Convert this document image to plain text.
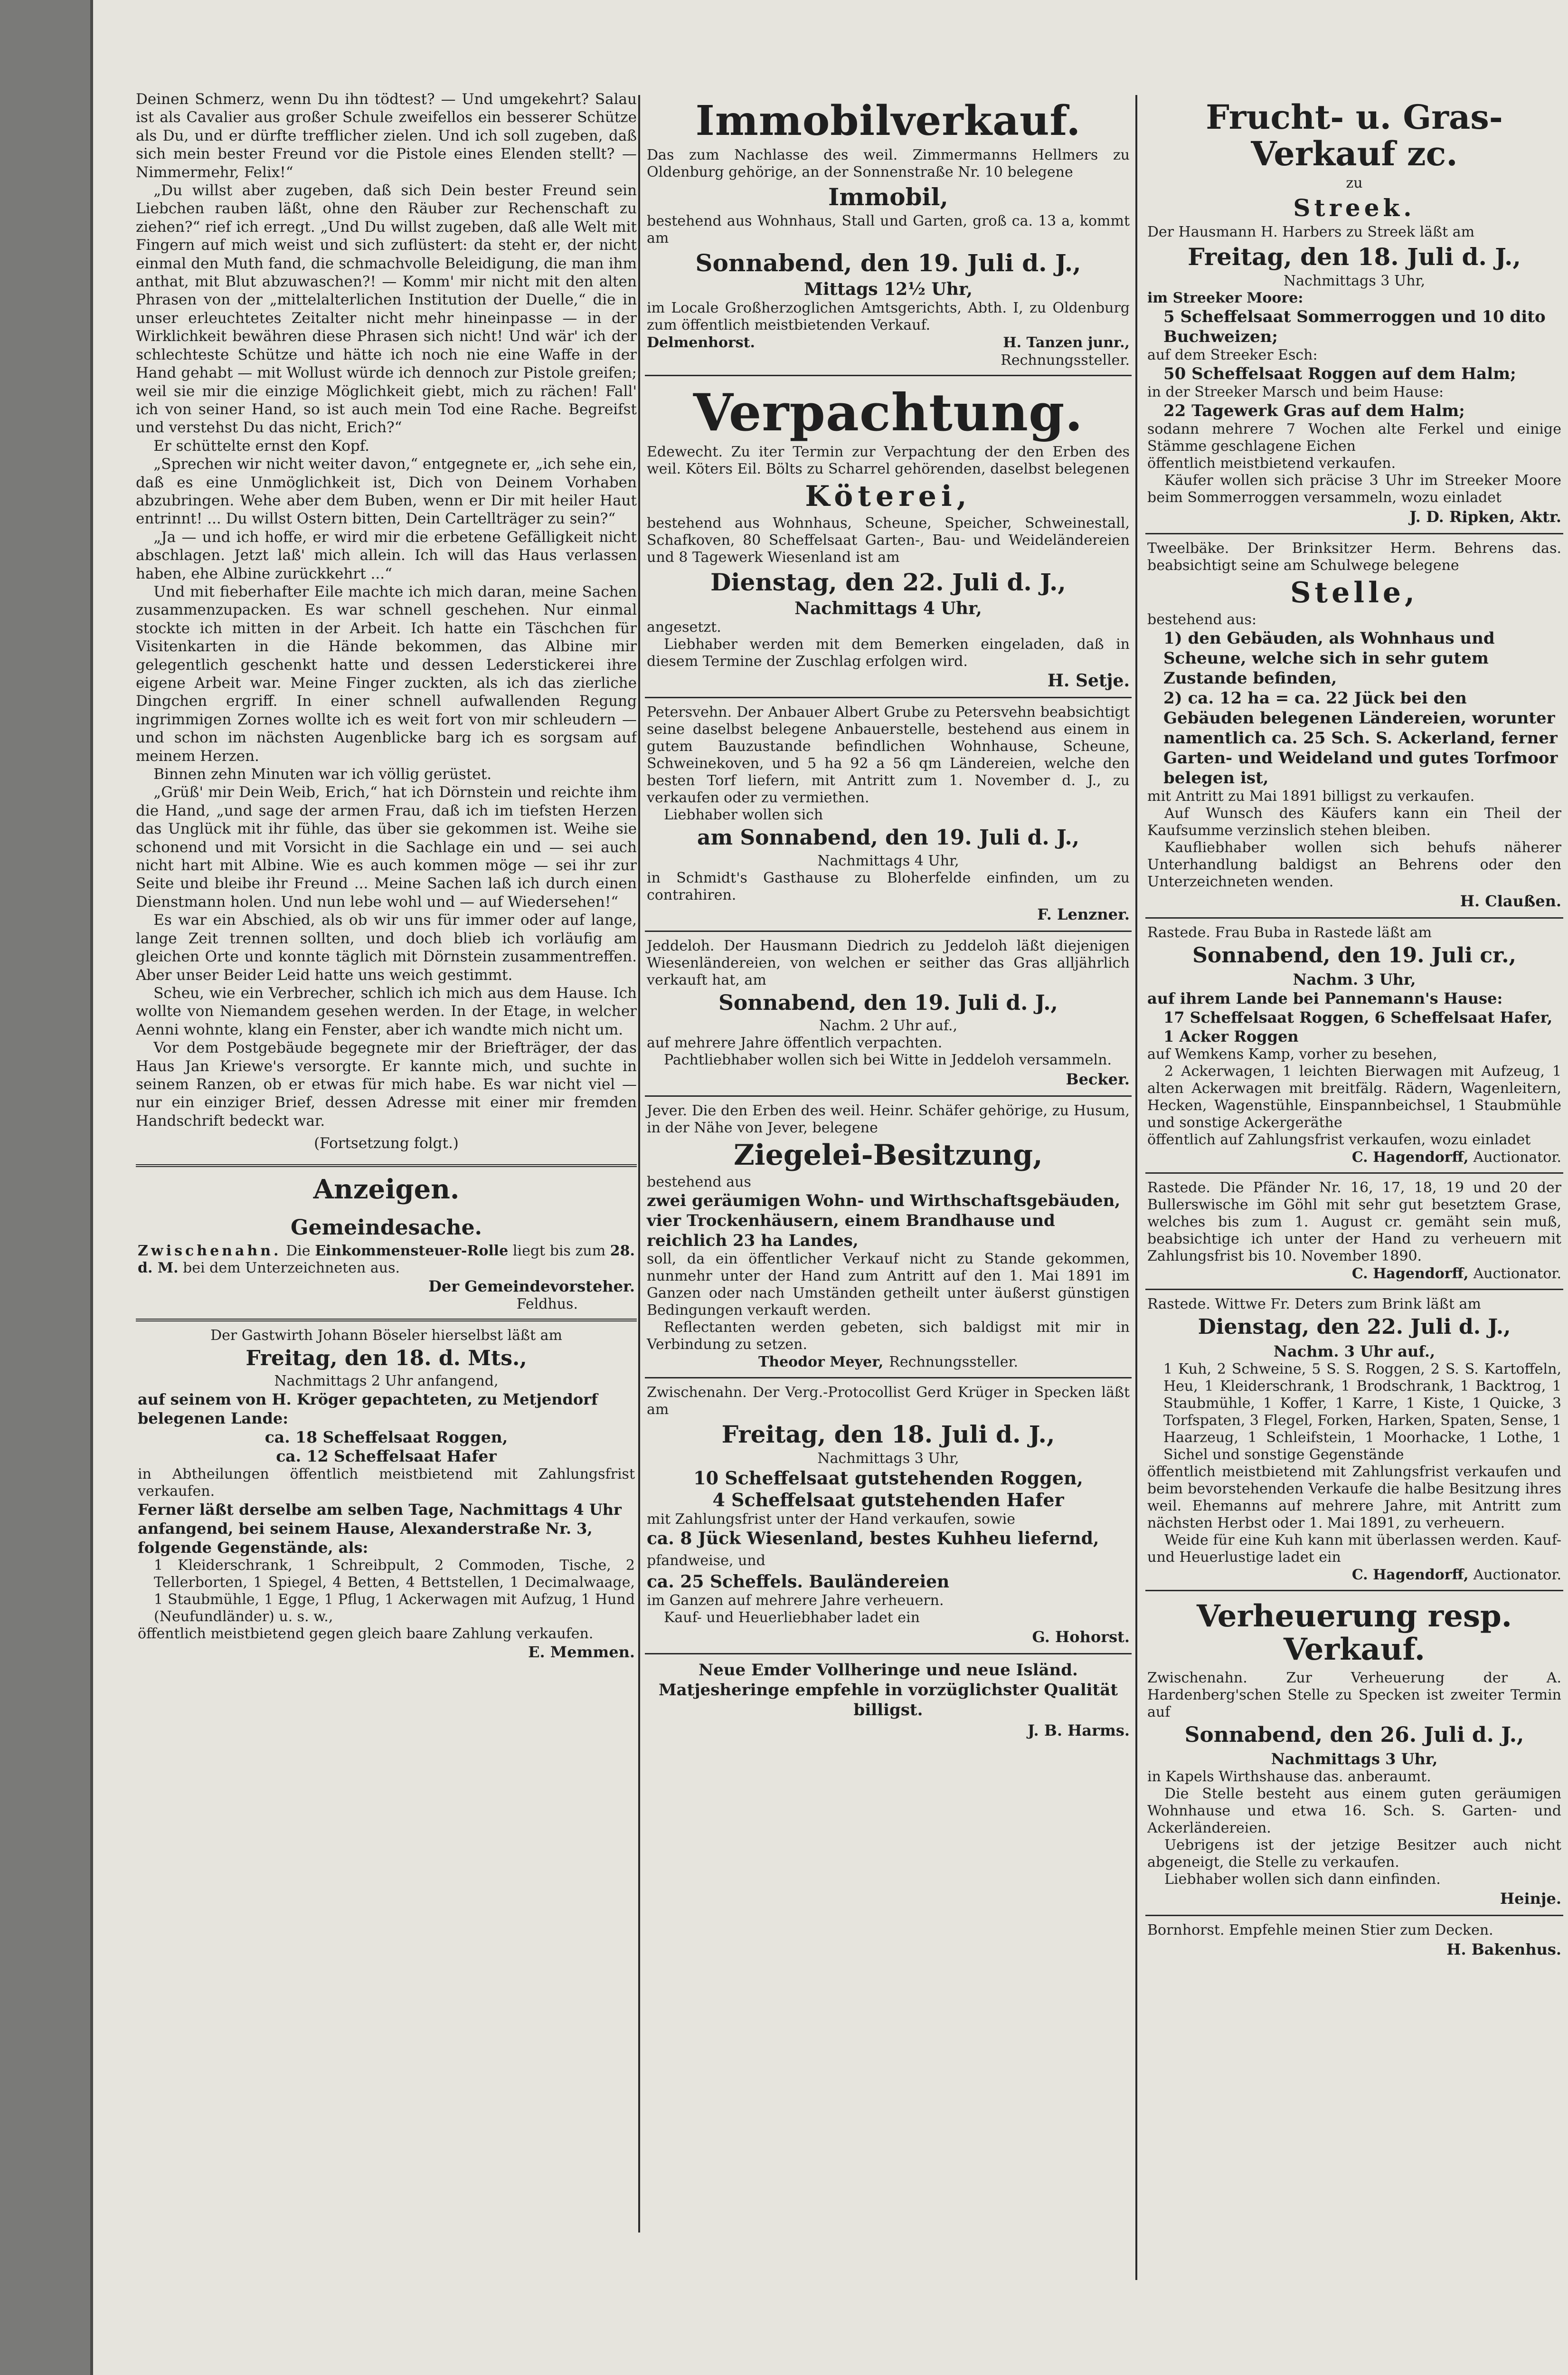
Deinen Schmerz, wenn Du ihn tödtest? — Und umgekehrt? Salau ist als Cavalier aus großer Schule zweifellos ein besserer Schütze als Du, und er dürfte trefflicher zielen. Und ich soll zugeben, daß sich mein bester Freund vor die Pistole eines Elenden stellt? — Nimmermehr, Felix!“

„Du willst aber zugeben, daß sich Dein bester Freund sein Liebchen rauben läßt, ohne den Räuber zur Rechenschaft zu ziehen?“ rief ich erregt. „Und Du willst zugeben, daß alle Welt mit Fingern auf mich weist und sich zuflüstert: da steht er, der nicht einmal den Muth fand, die schmachvolle Beleidigung, die man ihm anthat, mit Blut abzuwaschen?! — Komm' mir nicht mit den alten Phrasen von der „mittelalterlichen Institution der Duelle,“ die in unser erleuchtetes Zeitalter nicht mehr hineinpasse — in der Wirklichkeit bewähren diese Phrasen sich nicht! Und wär' ich der schlechteste Schütze und hätte ich noch nie eine Waffe in der Hand gehabt — mit Wollust würde ich dennoch zur Pistole greifen; weil sie mir die einzige Möglichkeit giebt, mich zu rächen! Fall' ich von seiner Hand, so ist auch mein Tod eine Rache. Begreifst und verstehst Du das nicht, Erich?“

Er schüttelte ernst den Kopf.

„Sprechen wir nicht weiter davon,“ entgegnete er, „ich sehe ein, daß es eine Unmöglichkeit ist, Dich von Deinem Vorhaben abzubringen. Wehe aber dem Buben, wenn er Dir mit heiler Haut entrinnt! ... Du willst Ostern bitten, Dein Cartellträger zu sein?“

„Ja — und ich hoffe, er wird mir die erbetene Gefälligkeit nicht abschlagen. Jetzt laß' mich allein. Ich will das Haus verlassen haben, ehe Albine zurückkehrt ...“

Und mit fieberhafter Eile machte ich mich daran, meine Sachen zusammenzupacken. Es war schnell geschehen. Nur einmal stockte ich mitten in der Arbeit. Ich hatte ein Täschchen für Visitenkarten in die Hände bekommen, das Albine mir gelegentlich geschenkt hatte und dessen Lederstickerei ihre eigene Arbeit war. Meine Finger zuckten, als ich das zierliche Dingchen ergriff. In einer schnell aufwallenden Regung ingrimmigen Zornes wollte ich es weit fort von mir schleudern — und schon im nächsten Augenblicke barg ich es sorgsam auf meinem Herzen.

Binnen zehn Minuten war ich völlig gerüstet.

„Grüß' mir Dein Weib, Erich,“ hat ich Dörnstein und reichte ihm die Hand, „und sage der armen Frau, daß ich im tiefsten Herzen das Unglück mit ihr fühle, das über sie gekommen ist. Weihe sie schonend und mit Vorsicht in die Sachlage ein und — sei auch nicht hart mit Albine. Wie es auch kommen möge — sei ihr zur Seite und bleibe ihr Freund ... Meine Sachen laß ich durch einen Dienstmann holen. Und nun lebe wohl und — auf Wiedersehen!“

Es war ein Abschied, als ob wir uns für immer oder auf lange, lange Zeit trennen sollten, und doch blieb ich vorläufig am gleichen Orte und konnte täglich mit Dörnstein zusammentreffen. Aber unser Beider Leid hatte uns weich gestimmt.

Scheu, wie ein Verbrecher, schlich ich mich aus dem Hause. Ich wollte von Niemandem gesehen werden. In der Etage, in welcher Aenni wohnte, klang ein Fenster, aber ich wandte mich nicht um.

Vor dem Postgebäude begegnete mir der Briefträger, der das Haus Jan Kriewe's versorgte. Er kannte mich, und suchte in seinem Ranzen, ob er etwas für mich habe. Es war nicht viel — nur ein einziger Brief, dessen Adresse mit einer mir fremden Handschrift bedeckt war.

(Fortsetzung folgt.)
Anzeigen.
Gemeindesache.

Zwischenahn. Die Einkommensteuer-Rolle liegt bis zum 28. d. M. bei dem Unterzeichneten aus.

Der Gemeindevorsteher.

Feldhus.

Der Gastwirth Johann Böseler hierselbst läßt am

Freitag, den 18. d. Mts.,

Nachmittags 2 Uhr anfangend,

auf seinem von H. Kröger gepachteten, zu Metjendorf belegenen Lande:

ca. 18 Scheffelsaat Roggen,

ca. 12 Scheffelsaat Hafer

in Abtheilungen öffentlich meistbietend mit Zahlungsfrist verkaufen.

Ferner läßt derselbe am selben Tage, Nachmittags 4 Uhr anfangend, bei seinem Hause, Alexanderstraße Nr. 3, folgende Gegenstände, als:

1 Kleiderschrank, 1 Schreibpult, 2 Commoden, Tische, 2 Tellerborten, 1 Spiegel, 4 Betten, 4 Bettstellen, 1 Decimalwaage, 1 Staubmühle, 1 Egge, 1 Pflug, 1 Ackerwagen mit Aufzug, 1 Hund (Neufundländer) u. s. w.,

öffentlich meistbietend gegen gleich baare Zahlung verkaufen.

E. Memmen.

Immobilverkauf.

Das zum Nachlasse des weil. Zimmermanns Hellmers zu Oldenburg gehörige, an der Sonnenstraße Nr. 10 belegene

Immobil,

bestehend aus Wohnhaus, Stall und Garten, groß ca. 13 a, kommt am

Sonnabend, den 19. Juli d. J.,

Mittags 12½ Uhr,

im Locale Großherzoglichen Amtsgerichts, Abth. I, zu Oldenburg zum öffentlich meistbietenden Verkauf.

Delmenhorst.	H. Tanzen junr.,

Rechnungssteller.

Verpachtung.

Edewecht. Zu iter Termin zur Verpachtung der den Erben des weil. Köters Eil. Bölts zu Scharrel gehörenden, daselbst belegenen

Köterei,

bestehend aus Wohnhaus, Scheune, Speicher, Schweinestall, Schafkoven, 80 Scheffelsaat Garten-, Bau- und Weideländereien und 8 Tagewerk Wiesenland ist am

Dienstag, den 22. Juli d. J.,

Nachmittags 4 Uhr,

angesetzt.

Liebhaber werden mit dem Bemerken eingeladen, daß in diesem Termine der Zuschlag erfolgen wird.

H. Setje.

Petersvehn. Der Anbauer Albert Grube zu Petersvehn beabsichtigt seine daselbst belegene Anbauerstelle, bestehend aus einem in gutem Bauzustande befindlichen Wohnhause, Scheune, Schweinekoven, und 5 ha 92 a 56 qm Ländereien, welche den besten Torf liefern, mit Antritt zum 1. November d. J., zu verkaufen oder zu vermiethen.

Liebhaber wollen sich

am Sonnabend, den 19. Juli d. J.,

Nachmittags 4 Uhr,

in Schmidt's Gasthause zu Bloherfelde einfinden, um zu contrahiren.

F. Lenzner.

Jeddeloh. Der Hausmann Diedrich zu Jeddeloh läßt diejenigen Wiesenländereien, von welchen er seither das Gras alljährlich verkauft hat, am

Sonnabend, den 19. Juli d. J.,

Nachm. 2 Uhr auf.,

auf mehrere Jahre öffentlich verpachten.

Pachtliebhaber wollen sich bei Witte in Jeddeloh versammeln.

Becker.

Jever. Die den Erben des weil. Heinr. Schäfer gehörige, zu Husum, in der Nähe von Jever, belegene

Ziegelei-Besitzung,

bestehend aus

zwei geräumigen Wohn- und Wirthschaftsgebäuden, vier Trockenhäusern, einem Brandhause und reichlich 23 ha Landes,

soll, da ein öffentlicher Verkauf nicht zu Stande gekommen, nunmehr unter der Hand zum Antritt auf den 1. Mai 1891 im Ganzen oder nach Umständen getheilt unter äußerst günstigen Bedingungen verkauft werden.

Reflectanten werden gebeten, sich baldigst mit mir in Verbindung zu setzen.

Theodor Meyer, Rechnungssteller.

Zwischenahn. Der Verg.-Protocollist Gerd Krüger in Specken läßt am

Freitag, den 18. Juli d. J.,

Nachmittags 3 Uhr,

10 Scheffelsaat gutstehenden Roggen,

4 Scheffelsaat gutstehenden Hafer

mit Zahlungsfrist unter der Hand verkaufen, sowie

ca. 8 Jück Wiesenland, bestes Kuhheu liefernd, pfandweise, und

ca. 25 Scheffels. Bauländereien

im Ganzen auf mehrere Jahre verheuern.

Kauf- und Heuerliebhaber ladet ein

G. Hohorst.

Neue Emder Vollheringe und neue Isländ. Matjesheringe empfehle in vorzüglichster Qualität billigst.

J. B. Harms.

Frucht- u. Gras-Verkauf zc.

zu

Streek.

Der Hausmann H. Harbers zu Streek läßt am

Freitag, den 18. Juli d. J.,

Nachmittags 3 Uhr,

im Streeker Moore:

5 Scheffelsaat Sommerroggen und 10 dito Buchweizen;

auf dem Streeker Esch:

50 Scheffelsaat Roggen auf dem Halm;

in der Streeker Marsch und beim Hause:

22 Tagewerk Gras auf dem Halm;

sodann mehrere 7 Wochen alte Ferkel und einige Stämme geschlagene Eichen

öffentlich meistbietend verkaufen.

Käufer wollen sich präcise 3 Uhr im Streeker Moore beim Sommerroggen versammeln, wozu einladet

J. D. Ripken, Aktr.

Tweelbäke. Der Brinksitzer Herm. Behrens das. beabsichtigt seine am Schulwege belegene

Stelle,

bestehend aus:

1) den Gebäuden, als Wohnhaus und Scheune, welche sich in sehr gutem Zustande befinden,

2) ca. 12 ha = ca. 22 Jück bei den Gebäuden belegenen Ländereien, worunter namentlich ca. 25 Sch. S. Ackerland, ferner Garten- und Weideland und gutes Torfmoor belegen ist,

mit Antritt zu Mai 1891 billigst zu verkaufen.

Auf Wunsch des Käufers kann ein Theil der Kaufsumme verzinslich stehen bleiben.

Kaufliebhaber wollen sich behufs näherer Unterhandlung baldigst an Behrens oder den Unterzeichneten wenden.

H. Claußen.

Rastede. Frau Buba in Rastede läßt am

Sonnabend, den 19. Juli cr.,

Nachm. 3 Uhr,

auf ihrem Lande bei Pannemann's Hause:

17 Scheffelsaat Roggen, 6 Scheffelsaat Hafer, 1 Acker Roggen

auf Wemkens Kamp, vorher zu besehen,

2 Ackerwagen, 1 leichten Bierwagen mit Aufzeug, 1 alten Ackerwagen mit breitfälg. Rädern, Wagenleitern, Hecken, Wagenstühle, Einspannbeichsel, 1 Staubmühle und sonstige Ackergeräthe

öffentlich auf Zahlungsfrist verkaufen, wozu einladet

C. Hagendorff, Auctionator.

Rastede. Die Pfänder Nr. 16, 17, 18, 19 und 20 der Bullerswische im Göhl mit sehr gut besetztem Grase, welches bis zum 1. August cr. gemäht sein muß, beabsichtige ich unter der Hand zu verheuern mit Zahlungsfrist bis 10. November 1890.

C. Hagendorff, Auctionator.

Rastede. Wittwe Fr. Deters zum Brink läßt am

Dienstag, den 22. Juli d. J.,

Nachm. 3 Uhr auf.,

1 Kuh, 2 Schweine, 5 S. S. Roggen, 2 S. S. Kartoffeln, Heu, 1 Kleiderschrank, 1 Brodschrank, 1 Backtrog, 1 Staubmühle, 1 Koffer, 1 Karre, 1 Kiste, 1 Quicke, 3 Torfspaten, 3 Flegel, Forken, Harken, Spaten, Sense, 1 Haarzeug, 1 Schleifstein, 1 Moorhacke, 1 Lothe, 1 Sichel und sonstige Gegenstände

öffentlich meistbietend mit Zahlungsfrist verkaufen und beim bevorstehenden Verkaufe die halbe Besitzung ihres weil. Ehemanns auf mehrere Jahre, mit Antritt zum nächsten Herbst oder 1. Mai 1891, zu verheuern.

Weide für eine Kuh kann mit überlassen werden. Kauf- und Heuerlustige ladet ein

C. Hagendorff, Auctionator.
Verheuerung resp. Verkauf.

Zwischenahn. Zur Verheuerung der A. Hardenberg'schen Stelle zu Specken ist zweiter Termin auf

Sonnabend, den 26. Juli d. J.,

Nachmittags 3 Uhr,

in Kapels Wirthshause das. anberaumt.

Die Stelle besteht aus einem guten geräumigen Wohnhause und etwa 16. Sch. S. Garten- und Ackerländereien.

Uebrigens ist der jetzige Besitzer auch nicht abgeneigt, die Stelle zu verkaufen.

Liebhaber wollen sich dann einfinden.

Heinje.

Bornhorst. Empfehle meinen Stier zum Decken.

H. Bakenhus.
